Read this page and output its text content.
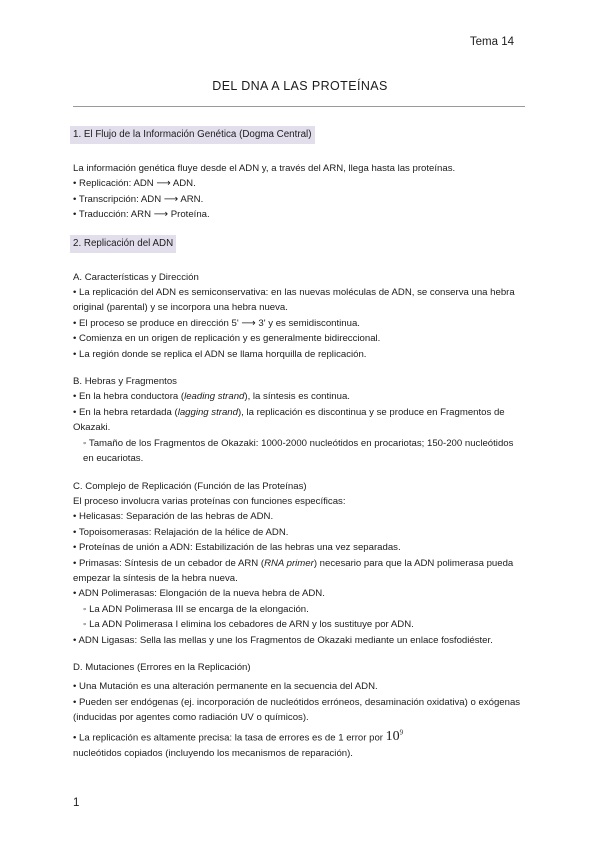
Tema 14
DEL DNA A LAS PROTEÍNAS
1. El Flujo de la Información Genética (Dogma Central)
La información genética fluye desde el ADN y, a través del ARN, llega hasta las proteínas.
• Replicación: ADN ⟶ ADN.
• Transcripción: ADN ⟶ ARN.
• Traducción: ARN ⟶ Proteína.
2. Replicación del ADN
A. Características y Dirección
• La replicación del ADN es semiconservativa: en las nuevas moléculas de ADN, se conserva una hebra original (parental) y se incorpora una hebra nueva.
• El proceso se produce en dirección 5' ⟶ 3' y es semidiscontinua.
• Comienza en un origen de replicación y es generalmente bidireccional.
• La región donde se replica el ADN se llama horquilla de replicación.
B. Hebras y Fragmentos
• En la hebra conductora (leading strand), la síntesis es continua.
• En la hebra retardada (lagging strand), la replicación es discontinua y se produce en Fragmentos de Okazaki.
◦ Tamaño de los Fragmentos de Okazaki: 1000-2000 nucleótidos en procariotas; 150-200 nucleótidos en eucariotas.
C. Complejo de Replicación (Función de las Proteínas)
El proceso involucra varias proteínas con funciones específicas:
• Helicasas: Separación de las hebras de ADN.
• Topoisomerasas: Relajación de la hélice de ADN.
• Proteínas de unión a ADN: Estabilización de las hebras una vez separadas.
• Primasas: Síntesis de un cebador de ARN (RNA primer) necesario para que la ADN polimerasa pueda empezar la síntesis de la hebra nueva.
• ADN Polimerasas: Elongación de la nueva hebra de ADN.
◦ La ADN Polimerasa III se encarga de la elongación.
◦ La ADN Polimerasa I elimina los cebadores de ARN y los sustituye por ADN.
• ADN Ligasas: Sella las mellas y une los Fragmentos de Okazaki mediante un enlace fosfodiéster.
D. Mutaciones (Errores en la Replicación)
• Una Mutación es una alteración permanente en la secuencia del ADN.
• Pueden ser endógenas (ej. incorporación de nucleótidos erróneos, desaminación oxidativa) o exógenas (inducidas por agentes como radiación UV o químicos).
• La replicación es altamente precisa: la tasa de errores es de 1 error por $10^9$
nucleótidos copiados (incluyendo los mecanismos de reparación).
1
